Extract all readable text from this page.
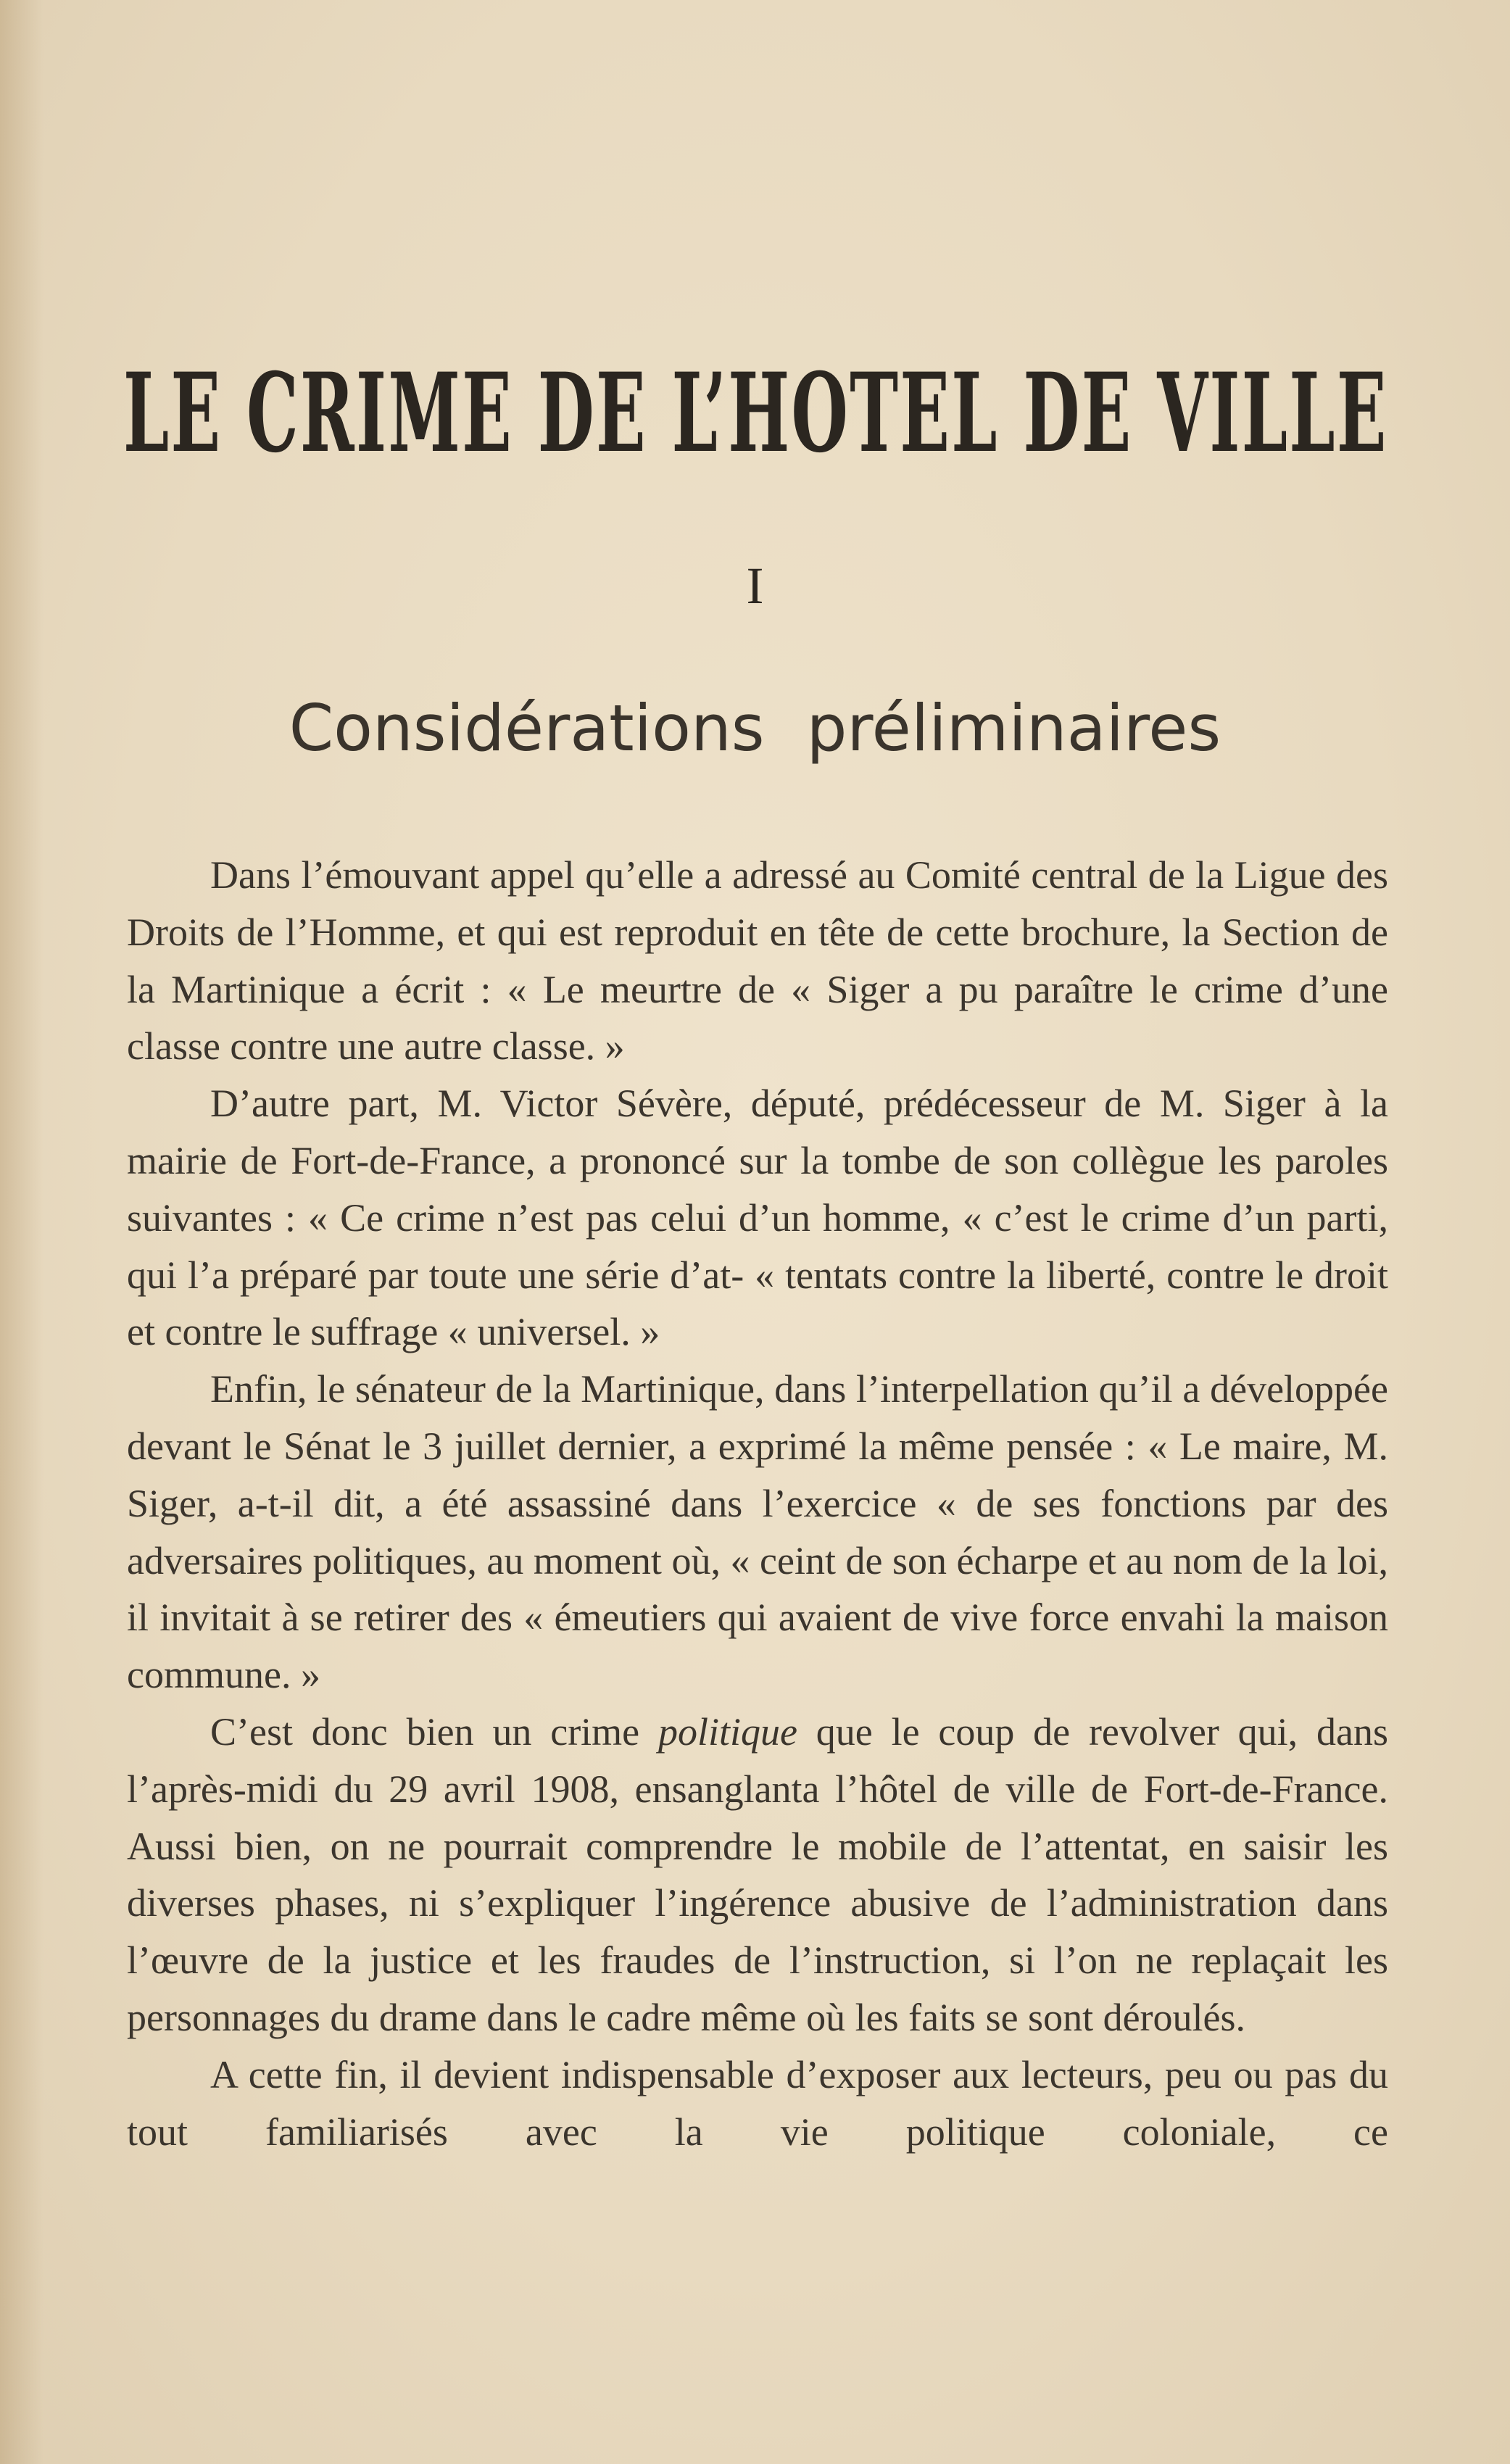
LE CRIME DE L’HOTEL DE VILLE
I
Considérations préliminaires

Dans l’émouvant appel qu’elle a adressé au Comité central de la Ligue des Droits de l’Homme, et qui est reproduit en tête de cette brochure, la Section de la Martinique a écrit : « Le meurtre de « Siger a pu paraître le crime d’une classe contre une autre classe. »

D’autre part, M. Victor Sévère, député, prédécesseur de M. Siger à la mairie de Fort-de-France, a prononcé sur la tombe de son collègue les paroles suivantes : « Ce crime n’est pas celui d’un homme, « c’est le crime d’un parti, qui l’a préparé par toute une série d’at- « tentats contre la liberté, contre le droit et contre le suffrage « universel. »

Enfin, le sénateur de la Martinique, dans l’interpellation qu’il a développée devant le Sénat le 3 juillet dernier, a exprimé la même pensée : « Le maire, M. Siger, a-t-il dit, a été assassiné dans l’exercice « de ses fonctions par des adversaires politiques, au moment où, « ceint de son écharpe et au nom de la loi, il invitait à se retirer des « émeutiers qui avaient de vive force envahi la maison commune. »

C’est donc bien un crime politique que le coup de revolver qui, dans l’après-midi du 29 avril 1908, ensanglanta l’hôtel de ville de Fort-de-France. Aussi bien, on ne pourrait comprendre le mobile de l’attentat, en saisir les diverses phases, ni s’expliquer l’ingérence abusive de l’administration dans l’œuvre de la justice et les fraudes de l’instruction, si l’on ne replaçait les personnages du drame dans le cadre même où les faits se sont déroulés.

A cette fin, il devient indispensable d’exposer aux lecteurs, peu ou pas du tout familiarisés avec la vie politique coloniale, ce
